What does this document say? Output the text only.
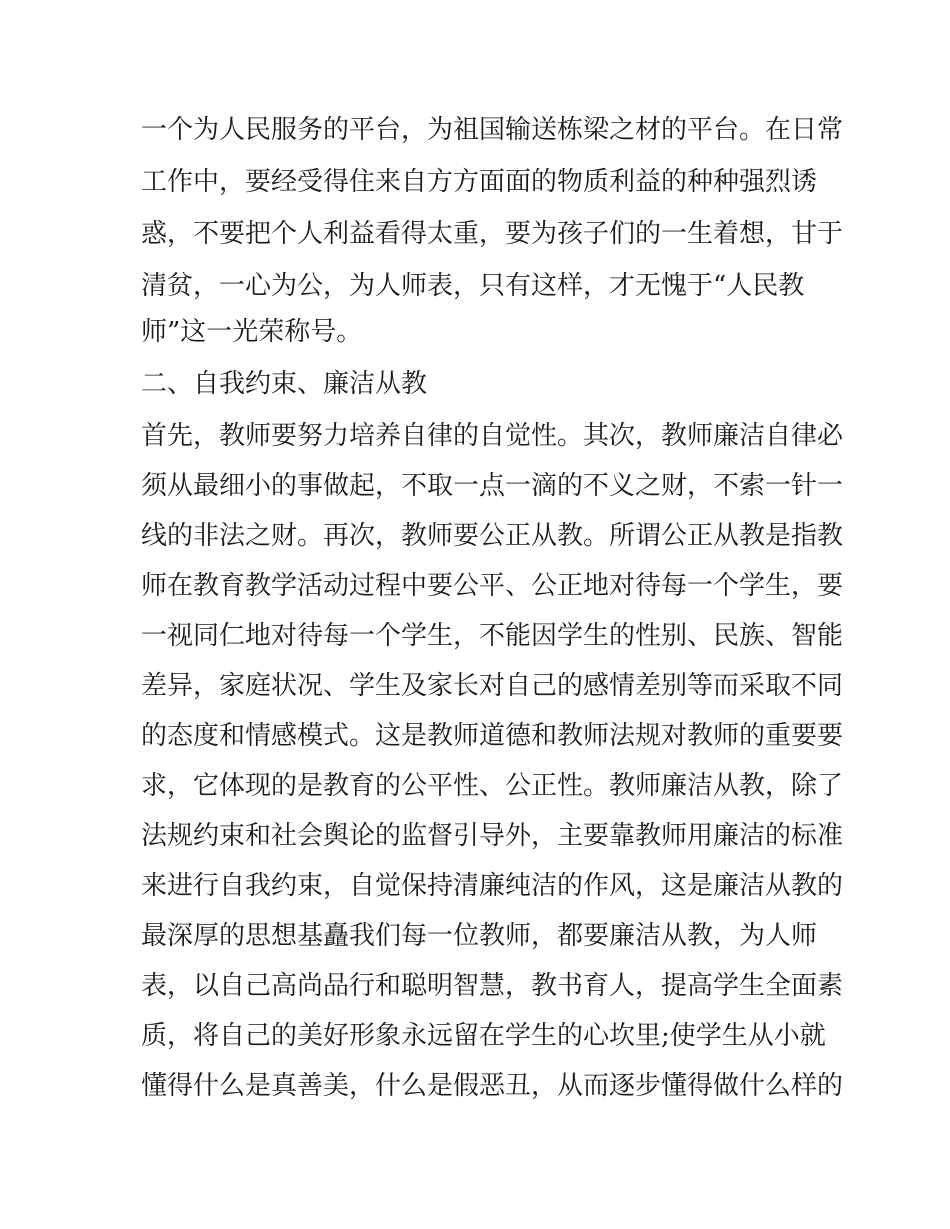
一个为人民服务的平台，为祖国输送栋梁之材的平台。在日常
工作中，要经受得住来自方方面面的物质利益的种种强烈诱
惑，不要把个人利益看得太重，要为孩子们的一生着想，甘于
清贫，一心为公，为人师表，只有这样，才无愧于“人民教
师”这一光荣称号。
二、自我约束、廉洁从教
首先，教师要努力培养自律的自觉性。其次，教师廉洁自律必
须从最细小的事做起，不取一点一滴的不义之财，不索一针一
线的非法之财。再次，教师要公正从教。所谓公正从教是指教
师在教育教学活动过程中要公平、公正地对待每一个学生，要
一视同仁地对待每一个学生，不能因学生的性别、民族、智能
差异，家庭状况、学生及家长对自己的感情差别等而采取不同
的态度和情感模式。这是教师道德和教师法规对教师的重要要
求，它体现的是教育的公平性、公正性。教师廉洁从教，除了
法规约束和社会舆论的监督引导外，主要靠教师用廉洁的标准
来进行自我约束，自觉保持清廉纯洁的作风，这是廉洁从教的
最深厚的思想基矗我们每一位教师，都要廉洁从教，为人师
表，以自己高尚品行和聪明智慧，教书育人，提高学生全面素
质，将自己的美好形象永远留在学生的心坎里;使学生从小就
懂得什么是真善美，什么是假恶丑，从而逐步懂得做什么样的
